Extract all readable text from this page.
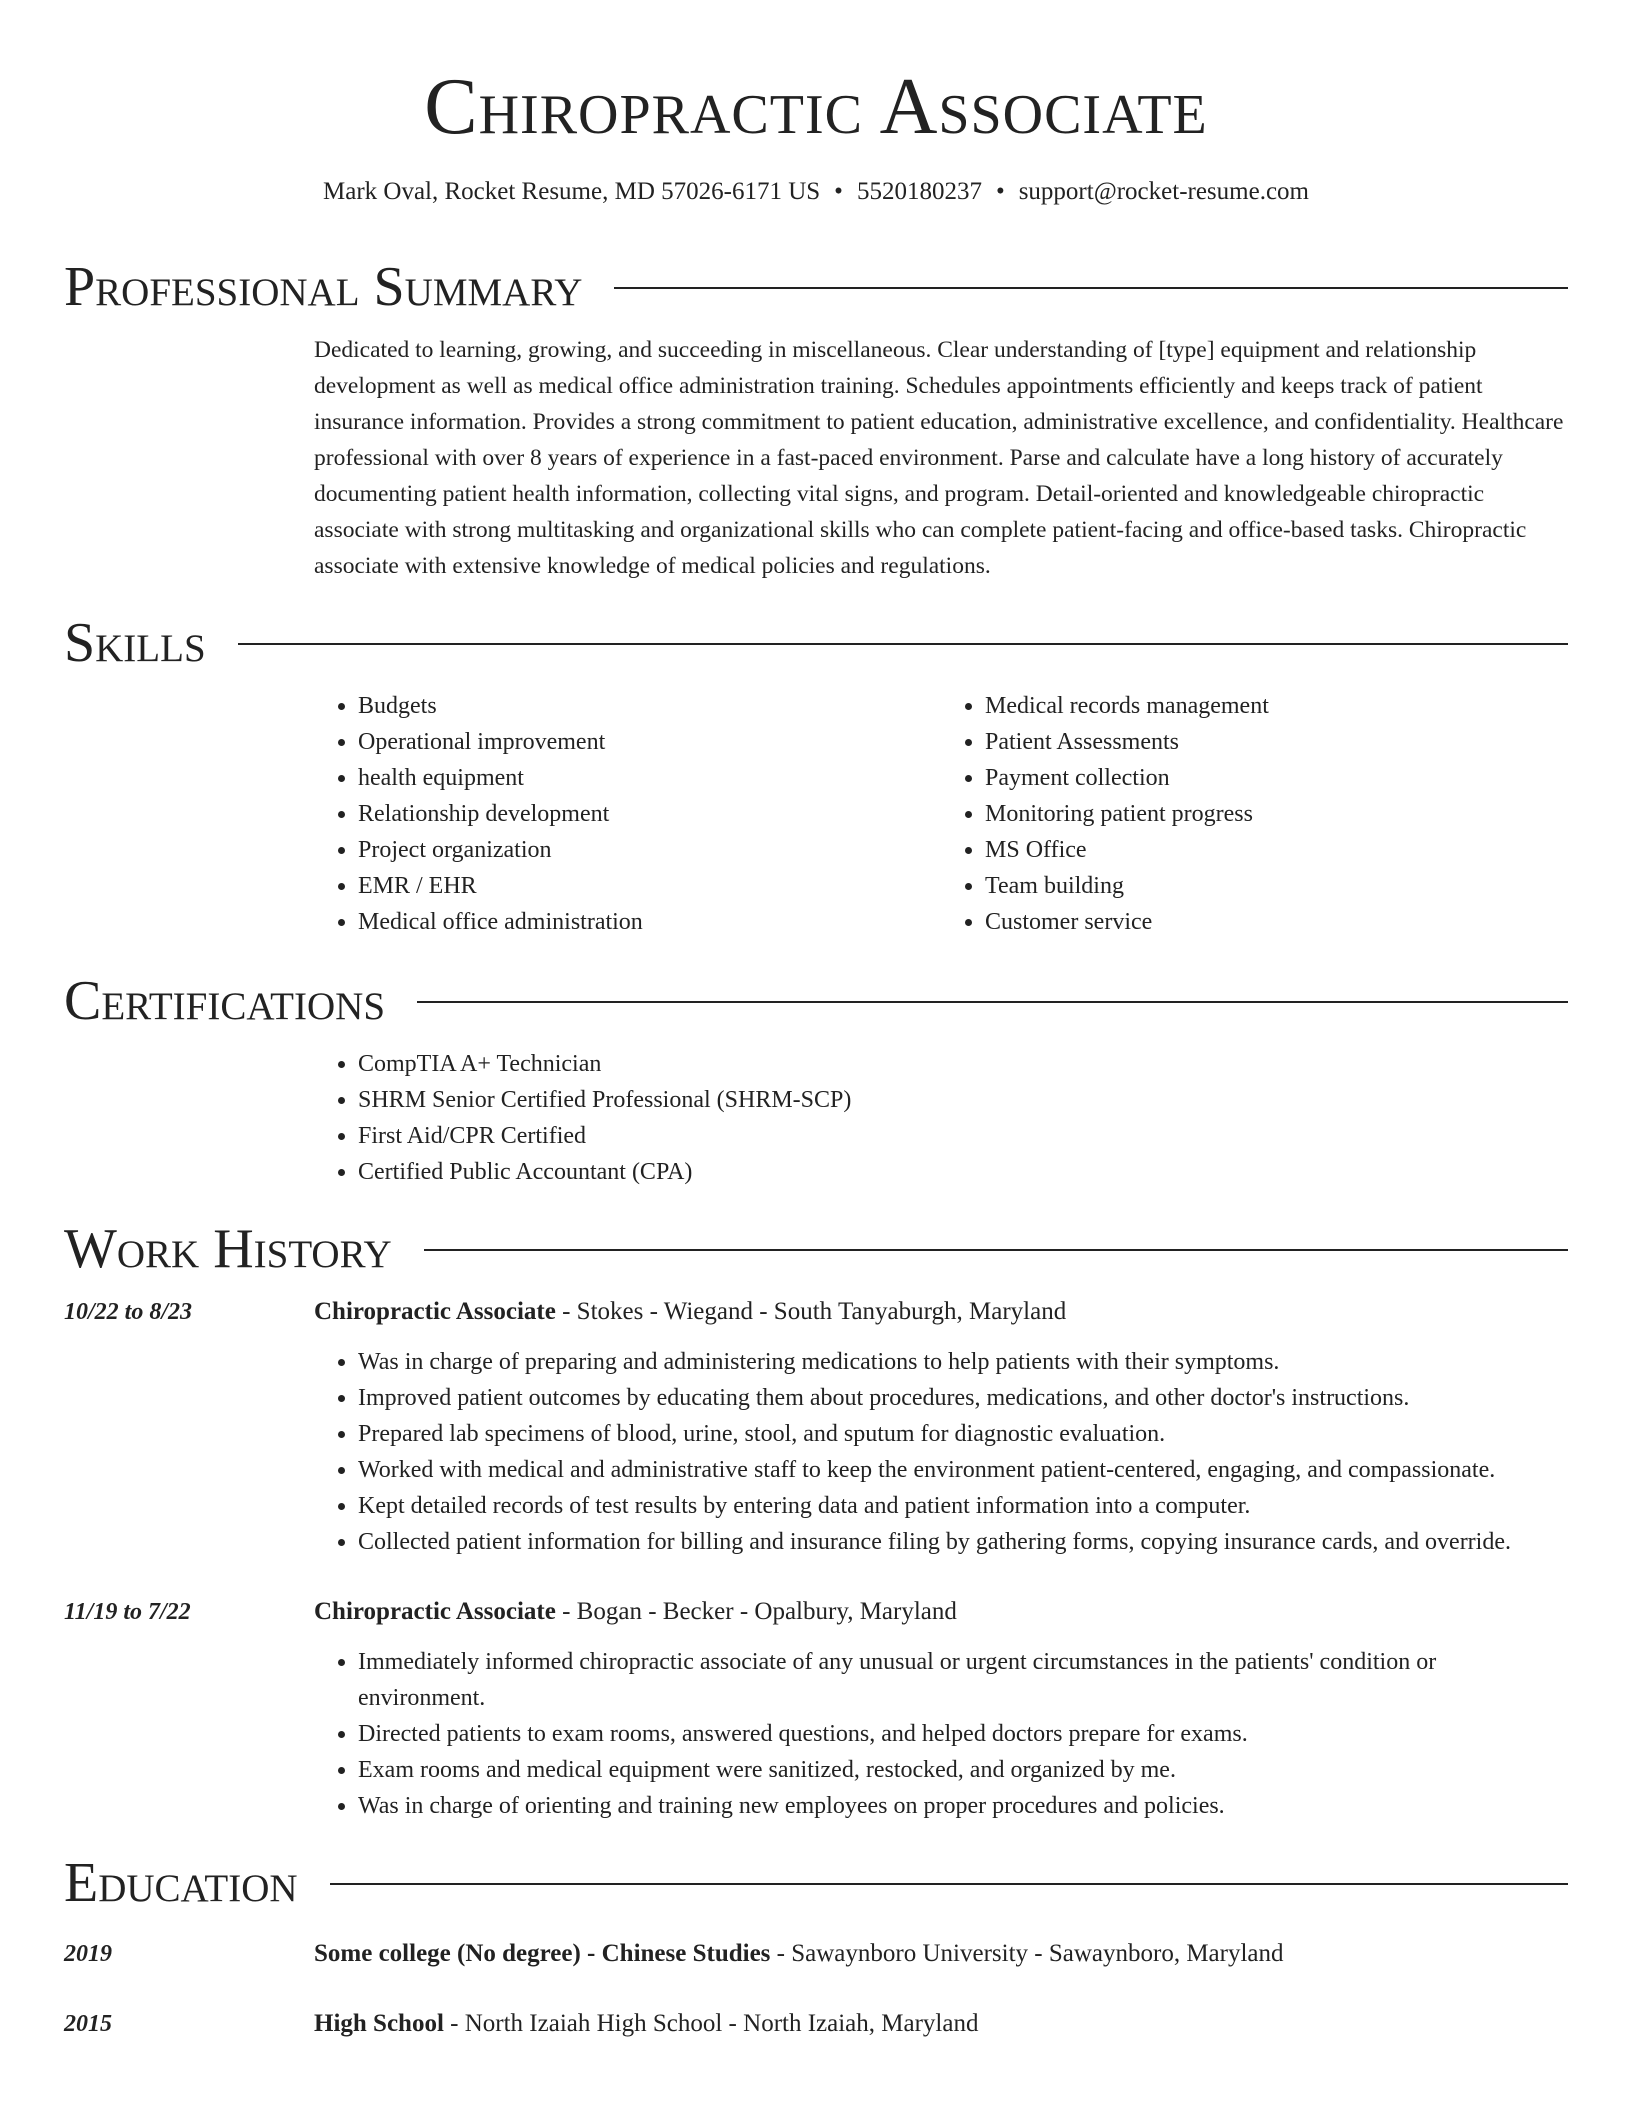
Chiropractic Associate
Mark Oval, Rocket Resume, MD 57026-6171 US • 5520180237 • support@rocket-resume.com
Professional Summary
Dedicated to learning, growing, and succeeding in miscellaneous. Clear understanding of [type] equipment and relationship development as well as medical office administration training. Schedules appointments efficiently and keeps track of patient insurance information. Provides a strong commitment to patient education, administrative excellence, and confidentiality. Healthcare professional with over 8 years of experience in a fast-paced environment. Parse and calculate have a long history of accurately documenting patient health information, collecting vital signs, and program. Detail-oriented and knowledgeable chiropractic associate with strong multitasking and organizational skills who can complete patient-facing and office-based tasks. Chiropractic associate with extensive knowledge of medical policies and regulations.
Skills
• Budgets
• Operational improvement
• health equipment
• Relationship development
• Project organization
• EMR / EHR
• Medical office administration
• Medical records management
• Patient Assessments
• Payment collection
• Monitoring patient progress
• MS Office
• Team building
• Customer service
Certifications
• CompTIA A+ Technician
• SHRM Senior Certified Professional (SHRM-SCP)
• First Aid/CPR Certified
• Certified Public Accountant (CPA)
Work History
10/22 to 8/23	Chiropractic Associate - Stokes - Wiegand - South Tanyaburgh, Maryland
• Was in charge of preparing and administering medications to help patients with their symptoms.
• Improved patient outcomes by educating them about procedures, medications, and other doctor's instructions.
• Prepared lab specimens of blood, urine, stool, and sputum for diagnostic evaluation.
• Worked with medical and administrative staff to keep the environment patient-centered, engaging, and compassionate.
• Kept detailed records of test results by entering data and patient information into a computer.
• Collected patient information for billing and insurance filing by gathering forms, copying insurance cards, and override.
11/19 to 7/22	Chiropractic Associate - Bogan - Becker - Opalbury, Maryland
• Immediately informed chiropractic associate of any unusual or urgent circumstances in the patients' condition or environment.
• Directed patients to exam rooms, answered questions, and helped doctors prepare for exams.
• Exam rooms and medical equipment were sanitized, restocked, and organized by me.
• Was in charge of orienting and training new employees on proper procedures and policies.
Education
2019	Some college (No degree) - Chinese Studies - Sawaynboro University - Sawaynboro, Maryland
2015	High School - North Izaiah High School - North Izaiah, Maryland
